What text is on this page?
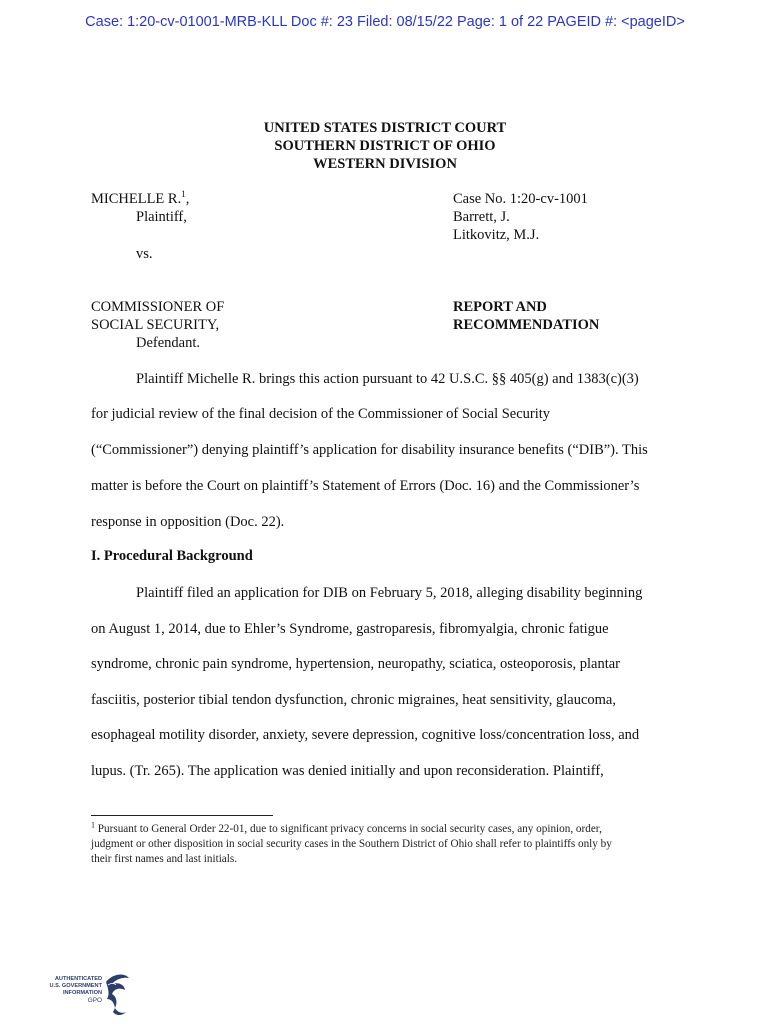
Case: 1:20-cv-01001-MRB-KLL Doc #: 23 Filed: 08/15/22 Page: 1 of 22 PAGEID #: <pageID>
UNITED STATES DISTRICT COURT
SOUTHERN DISTRICT OF OHIO
WESTERN DIVISION
MICHELLE R.$^1$,
Plaintiff,
vs.
COMMISSIONER OF
SOCIAL SECURITY,
Defendant.
Case No. 1:20-cv-1001
Barrett, J.
Litkovitz, M.J.
REPORT AND
RECOMMENDATION
Plaintiff Michelle R. brings this action pursuant to 42 U.S.C. §§ 405(g) and 1383(c)(3)
for judicial review of the final decision of the Commissioner of Social Security
(“Commissioner”) denying plaintiff’s application for disability insurance benefits (“DIB”). This
matter is before the Court on plaintiff’s Statement of Errors (Doc. 16) and the Commissioner’s
response in opposition (Doc. 22).
I. Procedural Background
Plaintiff filed an application for DIB on February 5, 2018, alleging disability beginning
on August 1, 2014, due to Ehler’s Syndrome, gastroparesis, fibromyalgia, chronic fatigue
syndrome, chronic pain syndrome, hypertension, neuropathy, sciatica, osteoporosis, plantar
fasciitis, posterior tibial tendon dysfunction, chronic migraines, heat sensitivity, glaucoma,
esophageal motility disorder, anxiety, severe depression, cognitive loss/concentration loss, and
lupus. (Tr. 265). The application was denied initially and upon reconsideration. Plaintiff,
$^1$ Pursuant to General Order 22-01, due to significant privacy concerns in social security cases, any opinion, order,
judgment or other disposition in social security cases in the Southern District of Ohio shall refer to plaintiffs only by
their first names and last initials.
AUTHENTICATED
U.S. GOVERNMENT
INFORMATION
GPO
